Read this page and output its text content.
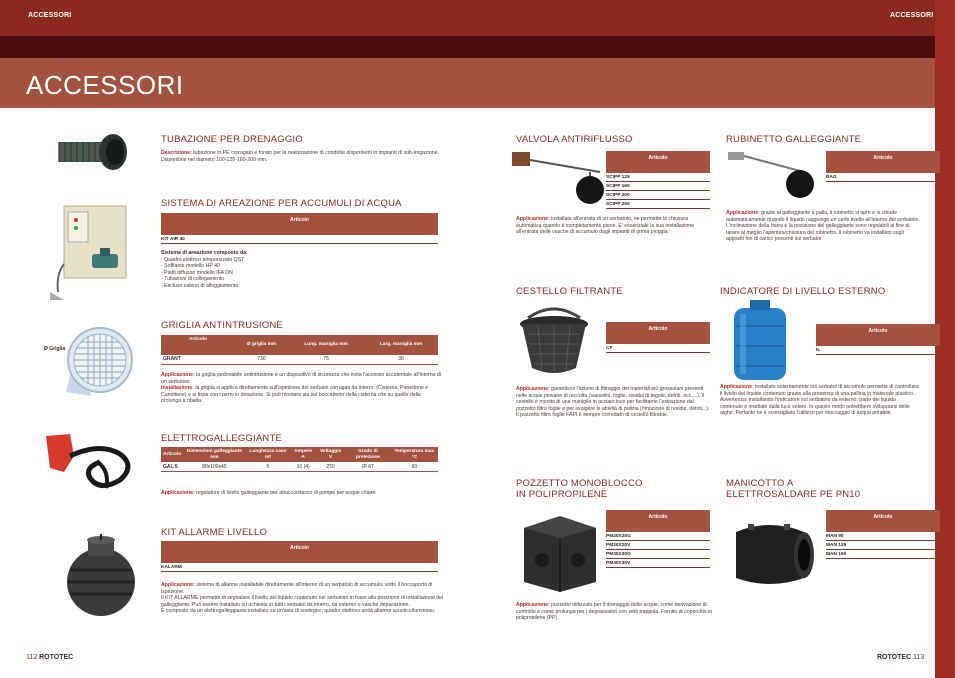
ACCESSORI	ACCESSORI
ACCESSORI
TUBAZIONE PER DRENAGGIO
Descrizione: tubazione in PE corrugato e forato per la realizzazione di condotte disperdenti in impianti di sub-irrigazione. Disponibile nei diametri 100-125-160-200 mm.
SISTEMA DI AREAZIONE PER ACCUMULI DI ACQUA
Articolo
KIT AIR 40
Sistema di areazione composto da:
- Quadro elettrico temporizzato QST
- Soffiante modello HP 40
- Piatti diffusori modello IFA DN
- Tubazioni di collegamento
- Escluso cabina di alloggiamento
Ø Griglia
GRIGLIA ANTINTRUSIONE
Articolo	Ø griglia mm	Lung. maniglia mm	Larg. maniglia mm
GRANT	730	75	30
Applicazione: la griglia pedonabile antintrusione è un dispositivo di sicurezza che evita l'accesso accidentale all'interno di un serbatoio.
Installazione: la griglia si applica direttamente sull'ispezione dei serbatoi corrugati da interro, (Cisterna, Panettone e Canottiere) e si fissa con i perni in dotazione. Si può montare sia sul boccaporto della cisterna che su quello della prolunga a ribalta.
ELETTROGALLEGGIANTE
Articolo	Dimensioni galleggiante mm	Lunghezza cavo mt	Ampere A	Voltaggio V	Grado di protezione	Temperatura max °C
GAL 5	80x100x40	5	10 (4)	250	IP 67	60
Applicazione: regolatore di livello galleggiante per attacco/stacco di pompe per acque chiare.
KIT ALLARME LIVELLO
Articolo
KALARM
Applicazione: sistema di allarme installabile direttamente all'interno di un serbatoio di accumulo, sotto il boccaporto di ispezione.
Il KIT ALLARME permette di segnalare il livello del liquido contenuto nel serbatoio in base alla posizione di installazione del galleggiante. Può essere installato su richiesta in tutti i serbatoi da interro, da esterno o vasche depurazione.
È composto da un elettrogalleggiante installato su un'asta di sostegno; quadro elettrico unità allarme acustico/luminoso.
VALVOLA ANTIRIFLUSSO
Articolo
SCIPP 125
SCIPP 160
SCIPP 200
SCIPP 250
Applicazione: installata all'entrata di un serbatoio, ne permette la chiusura automatica quando è completamente pieno. E' essenziale la sua installazione all'entrata delle vasche di accumulo dagli impianti di prima pioggia.
RUBINETTO GALLEGGIANTE
Articolo
RAG
Applicazione: grazie al galleggiante a palla, il rubinetto si apre e si chiude automaticamente quando il liquido raggiunge un certo livello all'interno del serbatoio. L'inclinazione della barra e la posizione del galleggiante sono regolabili al fine di tarare al meglio l'apertura/chiusura del rubinetto. Il rubinetto va installato sugli appositi fori di carico presenti sui serbatoi.
CESTELLO FILTRANTE
Articolo
CF
Applicazione: garantisce l'azione di filtraggio dei materiali più grossolani presenti nelle acque piovane di raccolta (sassolini, foglie, residui di tegole, detriti, ecc....). Il cestello è munito di una maniglia in acciaio inox per facilitarne l'estrazione dal pozzetto filtro foglie e per svolgere le attività di pulizia (rimozione di residui, detriti,..). Il pozzetto filtro foglie FAPI è sempre corredato di cestello filtrante.
INDICATORE DI LIVELLO ESTERNO
Articolo
IL
Applicazione: installato esternamente sui serbatoi di accumulo permette di controllare il livello del liquido contenuto grazie alla presenza di una pallina in materiale plastico.
Avvertenza: installando l'indicatore sul serbatoio da esterno, parte del liquido contenuto è irradiato dalla luce solare. In questo modo potrebbero svilupparsi delle alghe. Pertanto ne è sconsigliato l'utilizzo per stoccaggio di acqua potabile.
POZZETTO MONOBLOCCO
IN POLIPROPILENE
Articolo
PM20X20G
PM20X20V
PM30X30G
PM30X30V
Applicazione: pozzetto utilizzato per il drenaggio delle acque, come derivazione di controllo e come prolunga per i degrassatori con setti trappola. Fornito di coperchio in polipropilene (PP).
MANICOTTO A
ELETTROSALDARE PE PN10
Articolo
MAN 90
MAN 125
MAN 160
112 ROTOTEC	ROTOTEC 113
